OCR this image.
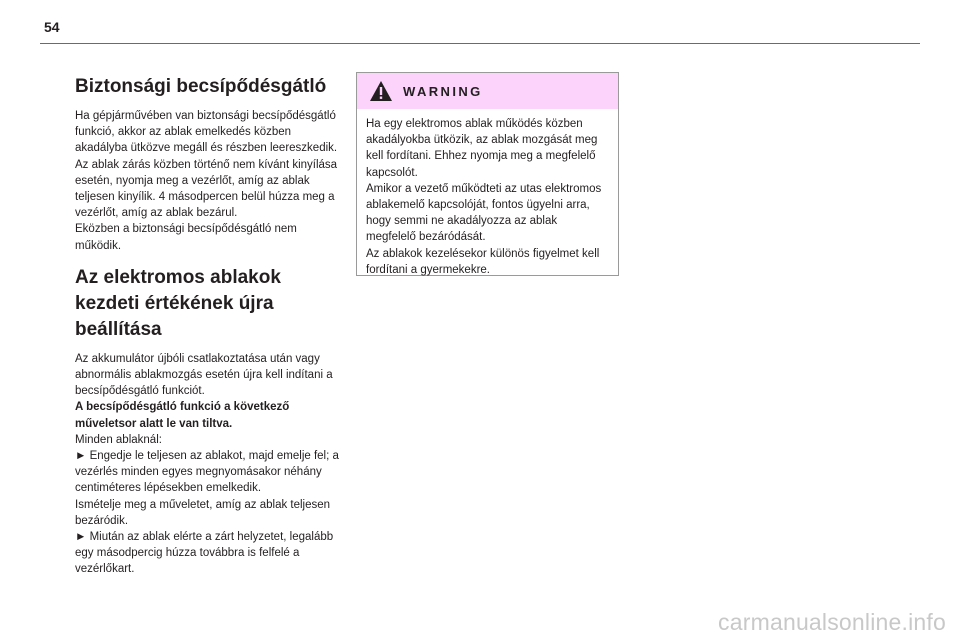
54
Biztonsági becsípődésgátló

Ha gépjárművében van biztonsági becsípődésgátló funkció, akkor az ablak emelkedés közben akadályba ütközve megáll és részben leereszkedik.

Az ablak zárás közben történő nem kívánt kinyílása esetén, nyomja meg a vezérlőt, amíg az ablak teljesen kinyílik. 4 másodpercen belül húzza meg a vezérlőt, amíg az ablak bezárul.

Eközben a biztonsági becsípődésgátló nem működik.

Az elektromos ablakok
kezdeti értékének újra
beállítása

Az akkumulátor újbóli csatlakoztatása után vagy abnormális ablakmozgás esetén újra kell indítani a becsípődésgátló funkciót.

A becsípődésgátló funkció a következő műveletsor alatt le van tiltva.

Minden ablaknál:

► Engedje le teljesen az ablakot, majd emelje fel; a vezérlés minden egyes megnyomásakor néhány centiméteres lépésekben emelkedik.

Ismételje meg a műveletet, amíg az ablak teljesen bezáródik.

► Miután az ablak elérte a zárt helyzetet, legalább egy másodpercig húzza továbbra is felfelé a vezérlőkart.

WARNING

Ha egy elektromos ablak működés közben akadályokba ütközik, az ablak mozgását meg kell fordítani. Ehhez nyomja meg a megfelelő kapcsolót.

Amikor a vezető működteti az utas elektromos ablakemelő kapcsolóját, fontos ügyelni arra, hogy semmi ne akadályozza az ablak megfelelő bezáródását.

Az ablakok kezelésekor különös figyelmet kell fordítani a gyermekekre.

carmanualsonline.info
